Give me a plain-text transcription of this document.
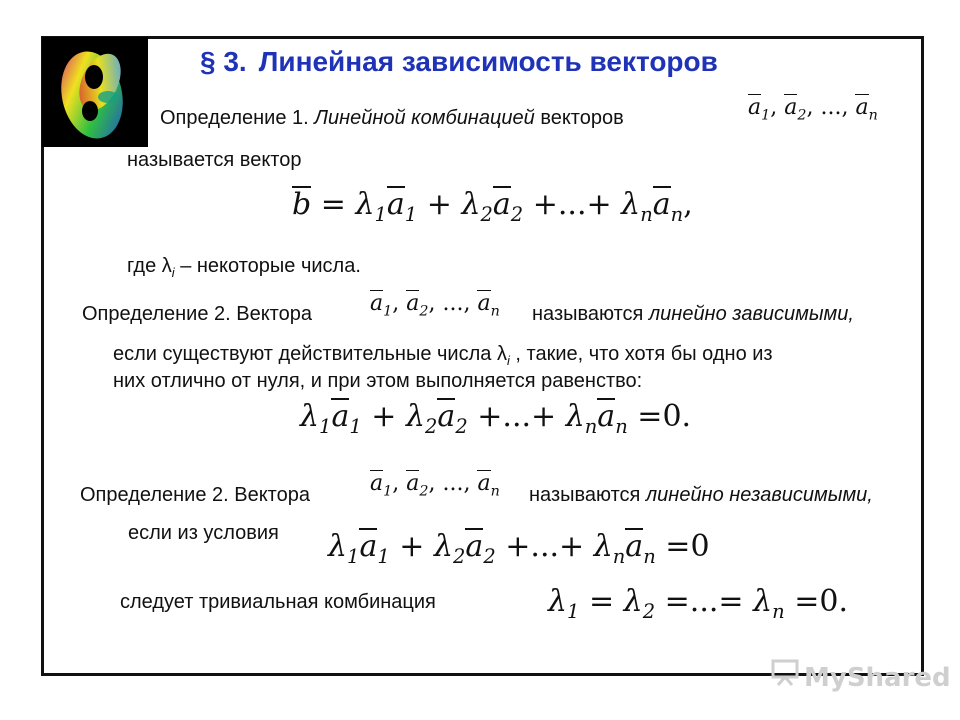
§ 3. Линейная зависимость векторов
Определение 1. Линейной комбинацией векторов	$a_1$, $a_2$, ..., $a_n$
называется вектор
$b = \lambda_1a_1 + \lambda_2a_2$ +...+ $\lambda_na_n$,
где $\lambda_i$ – некоторые числа.
Определение 2. Вектора	$a_1$, $a_2$, ..., $a_n$ называются линейно зависимыми,
если существуют действительные числа $\lambda_i$ , такие, что хотя бы одно из
них отлично от нуля, и при этом выполняется равенство:
$\lambda_1a_1 + \lambda_2a_2$ +...+ $\lambda_na_n =0$.
Определение 2. Вектора	$a_1$, $a_2$, ..., $a_n$ называются линейно независимыми,
если из условия $\lambda_1a_1 + \lambda_2a_2$ +...+ $\lambda_na_n =0$
следует тривиальная комбинация	$\lambda_1 = \lambda_2$ =...= $\lambda_n =0$.
MyShared
